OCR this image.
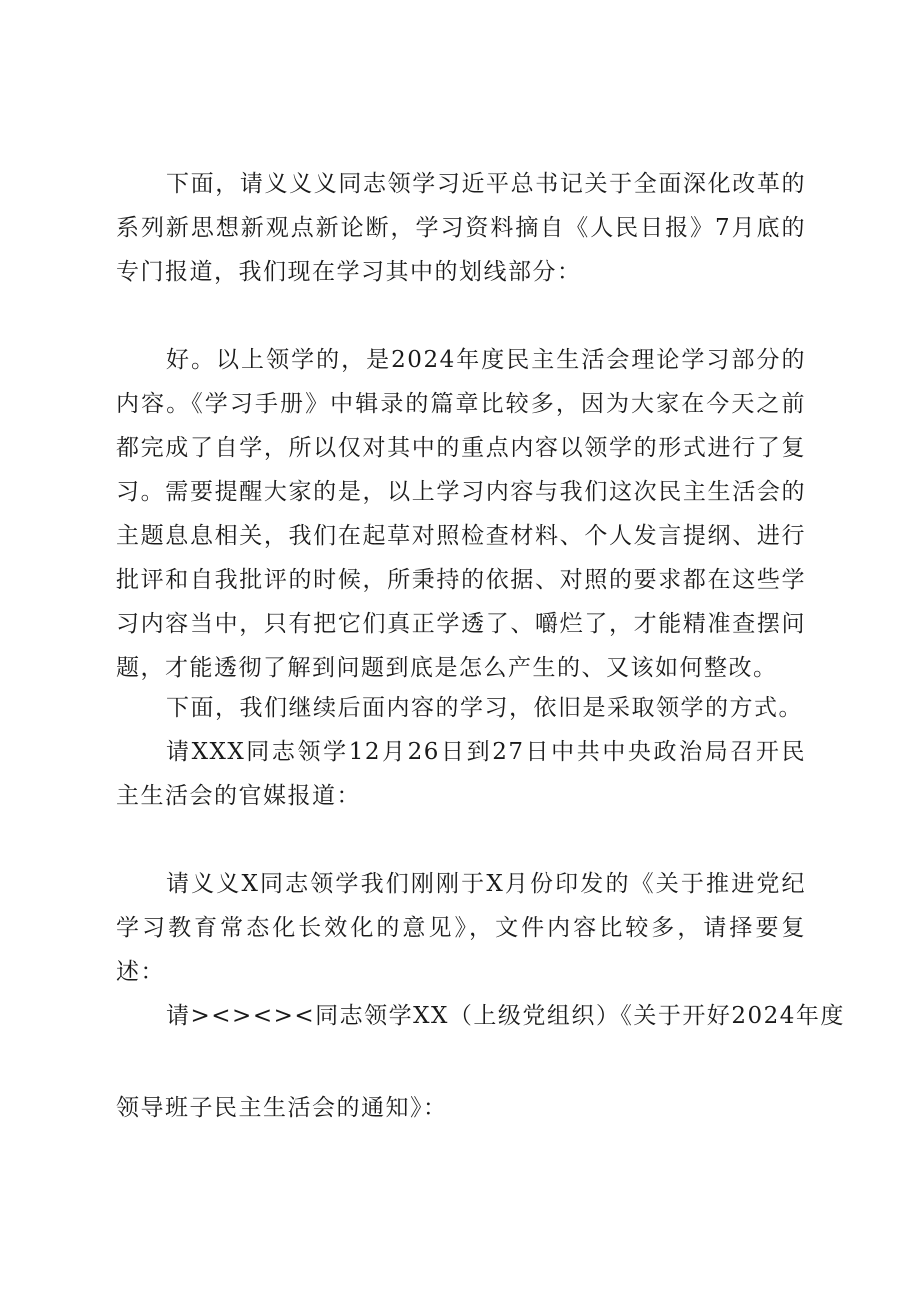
下面，请义义义同志领学习近平总书记关于全面深化改革的系列新思想新观点新论断，学习资料摘自《人民日报》7月底的专门报道，我们现在学习其中的划线部分：

好。以上领学的，是2024年度民主生活会理论学习部分的内容。《学习手册》中辑录的篇章比较多，因为大家在今天之前都完成了自学，所以仅对其中的重点内容以领学的形式进行了复习。需要提醒大家的是，以上学习内容与我们这次民主生活会的主题息息相关，我们在起草对照检查材料、个人发言提纲、进行批评和自我批评的时候，所秉持的依据、对照的要求都在这些学习内容当中，只有把它们真正学透了、嚼烂了，才能精准查摆问题，才能透彻了解到问题到底是怎么产生的、又该如何整改。

下面，我们继续后面内容的学习，依旧是采取领学的方式。

请XXX同志领学12月26日到27日中共中央政治局召开民主生活会的官媒报道：

请义义X同志领学我们刚刚于X月份印发的《关于推进党纪学习教育常态化长效化的意见》，文件内容比较多，请择要复述：

请><><><同志领学XX（上级党组织）《关于开好2024年度

领导班子民主生活会的通知》：
